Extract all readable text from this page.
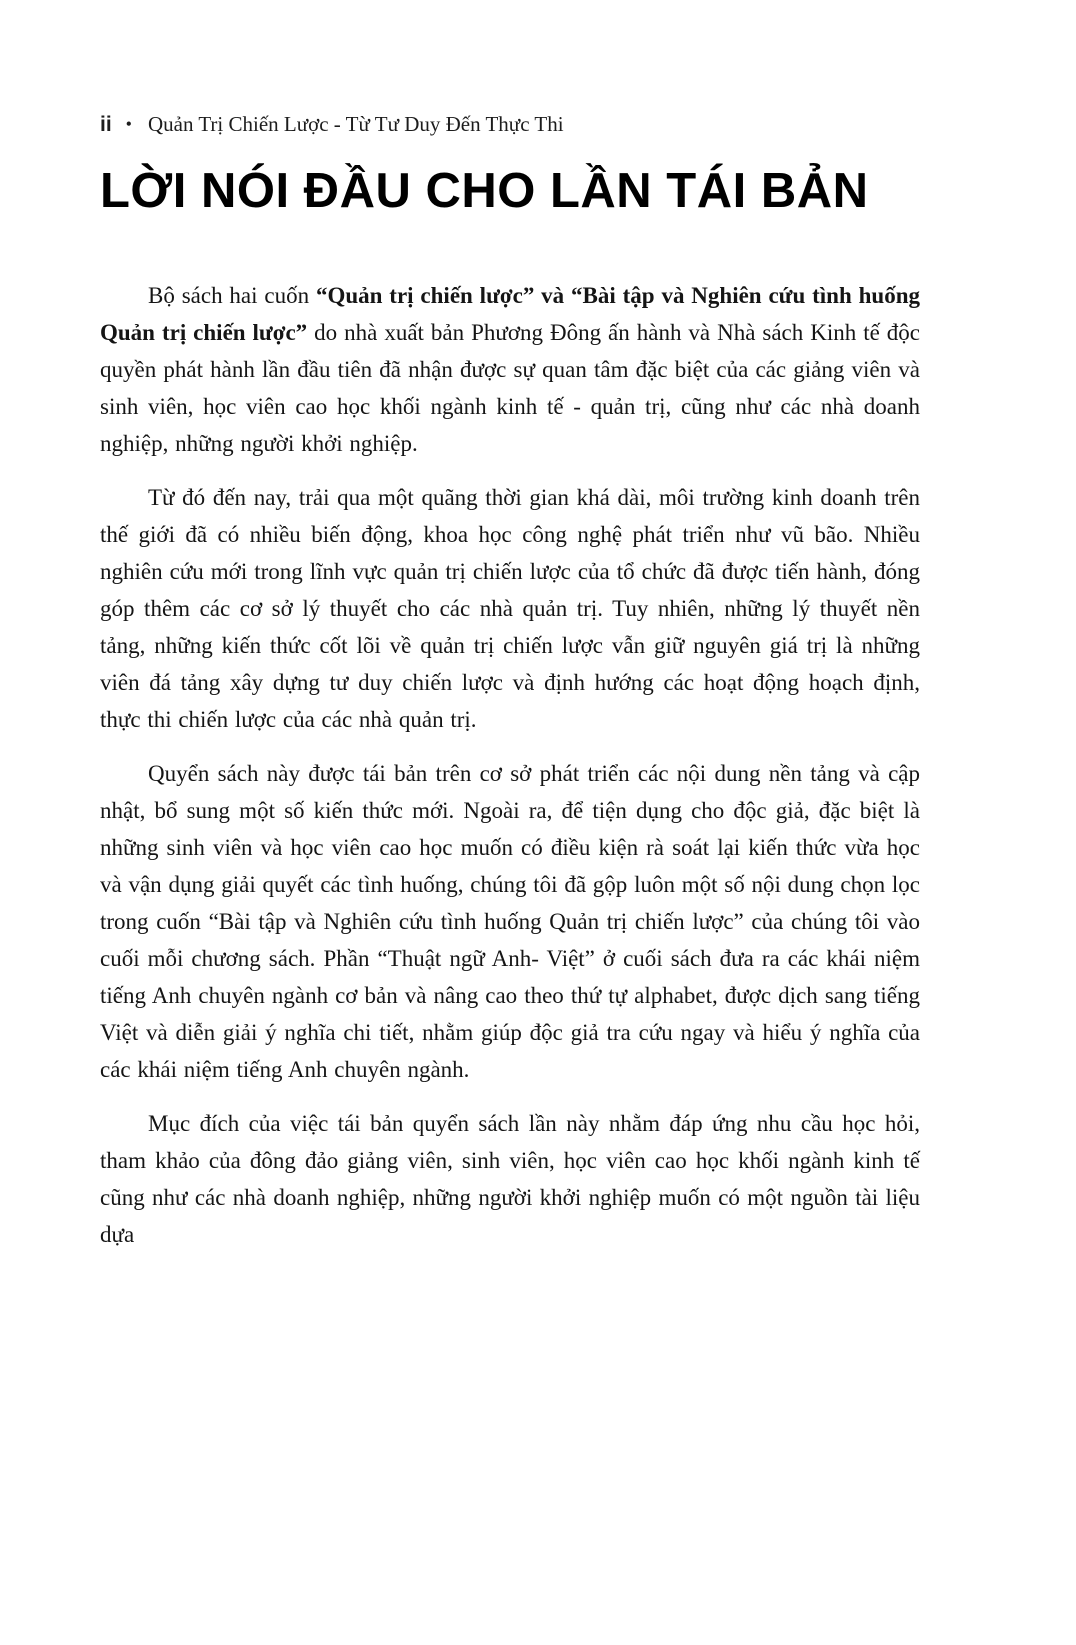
ii • Quản Trị Chiến Lược - Từ Tư Duy Đến Thực Thi
LỜI NÓI ĐẦU CHO LẦN TÁI BẢN

Bộ sách hai cuốn “Quản trị chiến lược” và “Bài tập và Nghiên cứu tình huống Quản trị chiến lược” do nhà xuất bản Phương Đông ấn hành và Nhà sách Kinh tế độc quyền phát hành lần đầu tiên đã nhận được sự quan tâm đặc biệt của các giảng viên và sinh viên, học viên cao học khối ngành kinh tế - quản trị, cũng như các nhà doanh nghiệp, những người khởi nghiệp.

Từ đó đến nay, trải qua một quãng thời gian khá dài, môi trường kinh doanh trên thế giới đã có nhiều biến động, khoa học công nghệ phát triển như vũ bão. Nhiều nghiên cứu mới trong lĩnh vực quản trị chiến lược của tổ chức đã được tiến hành, đóng góp thêm các cơ sở lý thuyết cho các nhà quản trị. Tuy nhiên, những lý thuyết nền tảng, những kiến thức cốt lõi về quản trị chiến lược vẫn giữ nguyên giá trị là những viên đá tảng xây dựng tư duy chiến lược và định hướng các hoạt động hoạch định, thực thi chiến lược của các nhà quản trị.

Quyển sách này được tái bản trên cơ sở phát triển các nội dung nền tảng và cập nhật, bổ sung một số kiến thức mới. Ngoài ra, để tiện dụng cho độc giả, đặc biệt là những sinh viên và học viên cao học muốn có điều kiện rà soát lại kiến thức vừa học và vận dụng giải quyết các tình huống, chúng tôi đã gộp luôn một số nội dung chọn lọc trong cuốn “Bài tập và Nghiên cứu tình huống Quản trị chiến lược” của chúng tôi vào cuối mỗi chương sách. Phần “Thuật ngữ Anh- Việt” ở cuối sách đưa ra các khái niệm tiếng Anh chuyên ngành cơ bản và nâng cao theo thứ tự alphabet, được dịch sang tiếng Việt và diễn giải ý nghĩa chi tiết, nhằm giúp độc giả tra cứu ngay và hiểu ý nghĩa của các khái niệm tiếng Anh chuyên ngành.

Mục đích của việc tái bản quyển sách lần này nhằm đáp ứng nhu cầu học hỏi, tham khảo của đông đảo giảng viên, sinh viên, học viên cao học khối ngành kinh tế cũng như các nhà doanh nghiệp, những người khởi nghiệp muốn có một nguồn tài liệu dựa
